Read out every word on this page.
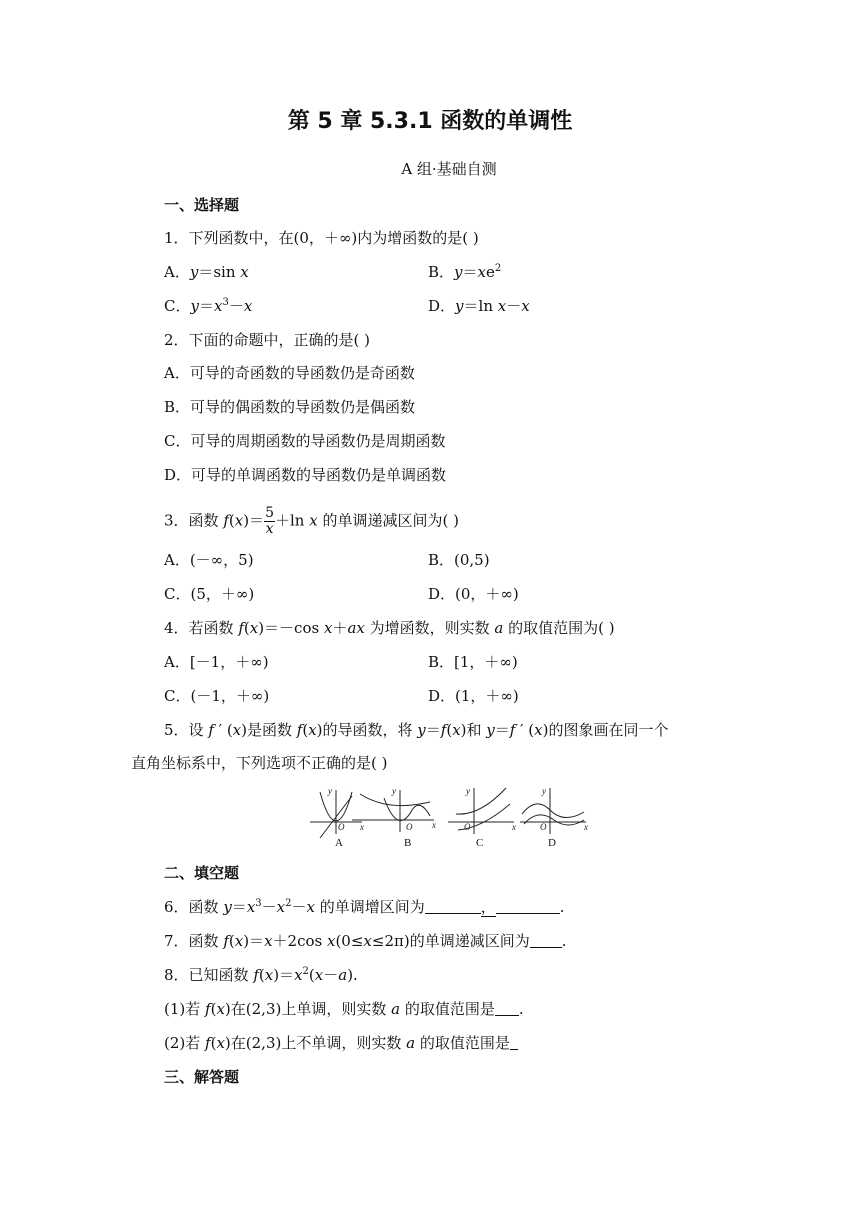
第 5 章 5.3.1 函数的单调性
A 组·基础自测
一、选择题
1．下列函数中，在(0，＋∞)内为增函数的是( )
A．y＝sin x	B．$y=xe^2$
C．$y=x^3-x$	D．y＝ln x－x
2．下面的命题中，正确的是( )
A．可导的奇函数的导函数仍是奇函数
B．可导的偶函数的导函数仍是偶函数
C．可导的周期函数的导函数仍是周期函数
D．可导的单调函数的导函数仍是单调函数
3．函数 $f(x)= \frac{5}{x} +\ln$ x 的单调递减区间为( )
A．(－∞，5)	B．(0,5)
C．(5，＋∞)	D．(0，＋∞)
4．若函数 f(x)＝－cos x＋ax 为增函数，则实数 a 的取值范围为( )
A．[－1，＋∞)	B．[1，＋∞)
C．(－1，＋∞)	D．(1，＋∞)
5．设 f ′ (x)是函数 f(x)的导函数，将 y＝f(x)和 y＝f ′ (x)的图象画在同一个
直角坐标系中，下列选项不正确的是( )
y
O x
y
O x
y
O	x
y
O	x
A	B	C	D
二、填空题
6．函数 $y=x^3-x^2-x$ 的单调增区间为	，	.
7．函数 f(x)＝x＋2cos x(0≤x≤2π)的单调递减区间为 .
8．已知函数 $f(x)=x^2(x-a)$.
(1)若 f(x)在(2,3)上单调，则实数 a 的取值范围是 .
(2)若 f(x)在(2,3)上不单调，则实数 a 的取值范围是
三、解答题
